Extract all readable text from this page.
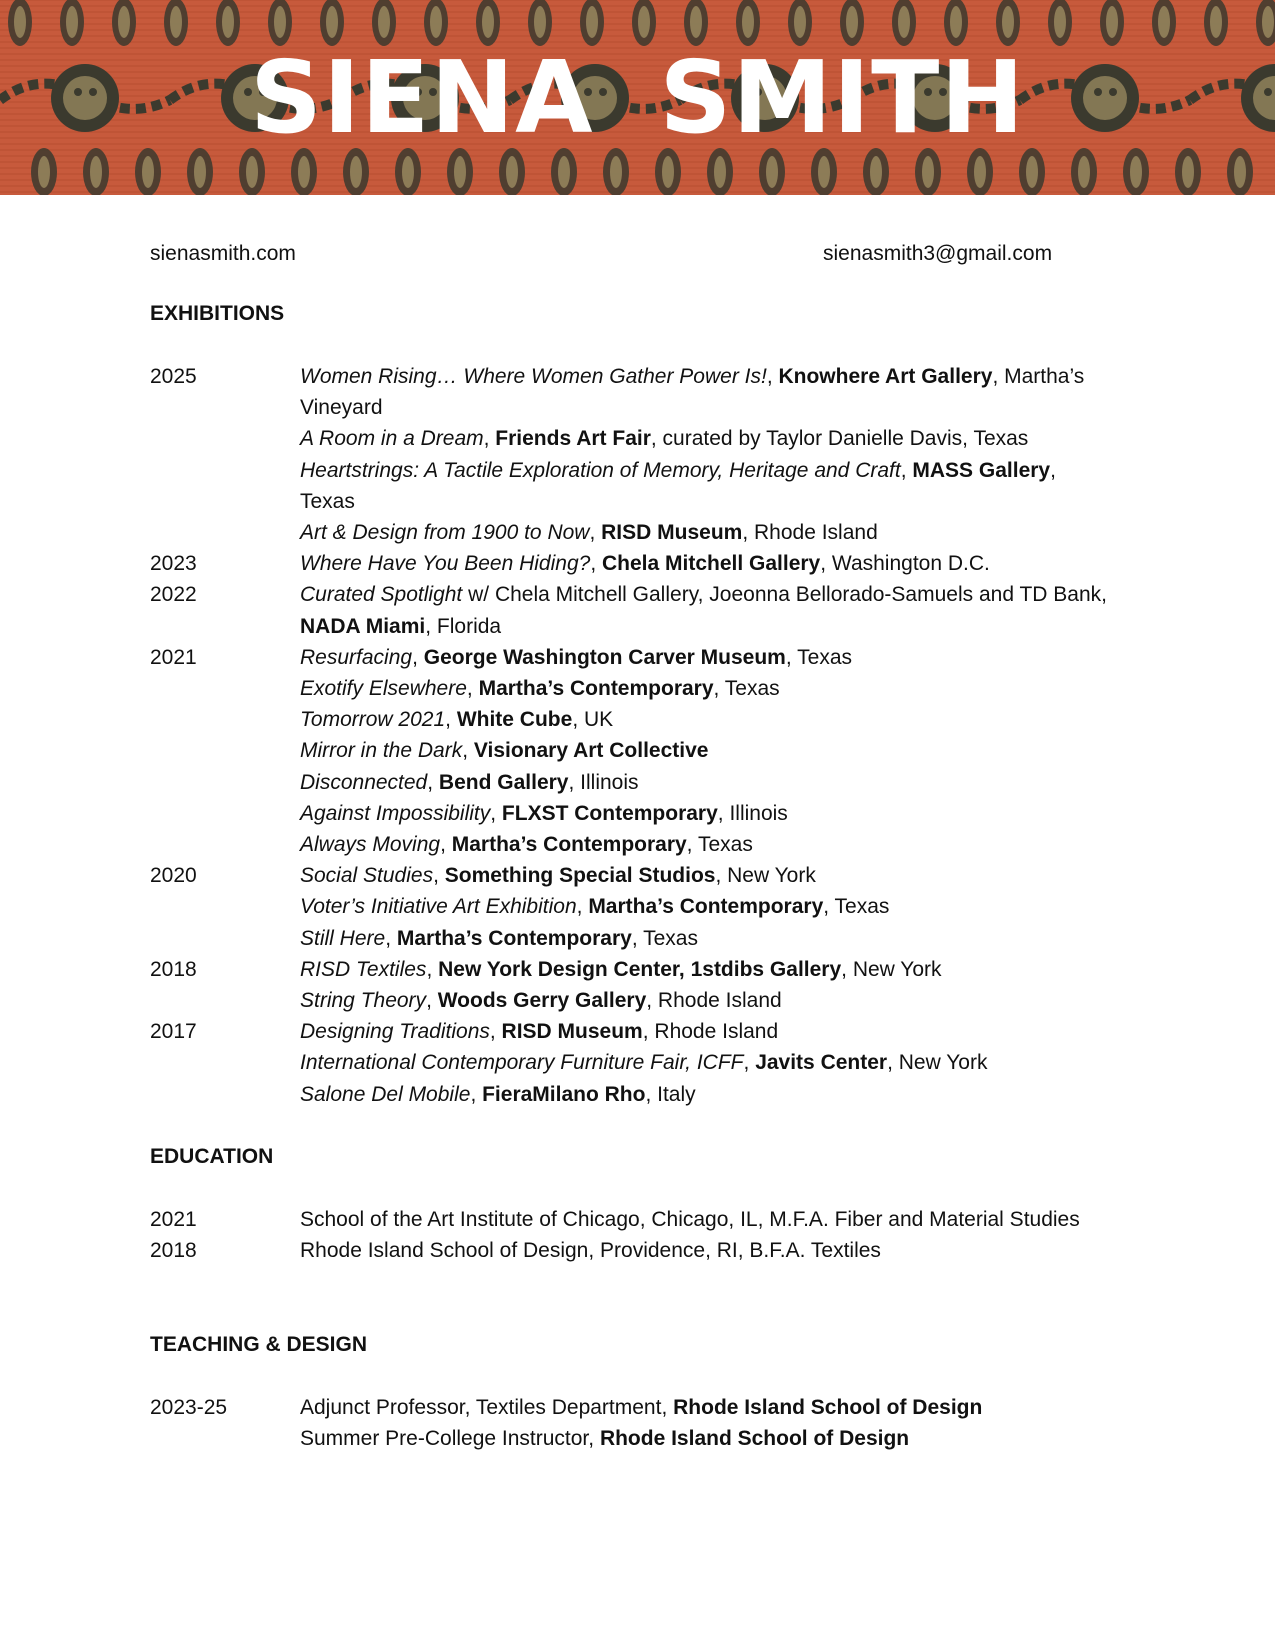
SIENA SMITH
sienasmith.com	sienasmith3@gmail.com
EXHIBITIONS
2025	Women Rising… Where Women Gather Power Is!, Knowhere Art Gallery, Martha’s Vineyard
A Room in a Dream, Friends Art Fair, curated by Taylor Danielle Davis, Texas
Heartstrings: A Tactile Exploration of Memory, Heritage and Craft, MASS Gallery, Texas
Art & Design from 1900 to Now, RISD Museum, Rhode Island
2023	Where Have You Been Hiding?, Chela Mitchell Gallery, Washington D.C.
2022	Curated Spotlight w/ Chela Mitchell Gallery, Joeonna Bellorado-Samuels and TD Bank, NADA Miami, Florida
2021	Resurfacing, George Washington Carver Museum, Texas
Exotify Elsewhere, Martha’s Contemporary, Texas
Tomorrow 2021, White Cube, UK
Mirror in the Dark, Visionary Art Collective
Disconnected, Bend Gallery, Illinois
Against Impossibility, FLXST Contemporary, Illinois
Always Moving, Martha’s Contemporary, Texas
2020	Social Studies, Something Special Studios, New York
Voter’s Initiative Art Exhibition, Martha’s Contemporary, Texas
Still Here, Martha’s Contemporary, Texas
2018	RISD Textiles, New York Design Center, 1stdibs Gallery, New York
String Theory, Woods Gerry Gallery, Rhode Island
2017	Designing Traditions, RISD Museum, Rhode Island
International Contemporary Furniture Fair, ICFF, Javits Center, New York
Salone Del Mobile, FieraMilano Rho, Italy
EDUCATION
2021	School of the Art Institute of Chicago, Chicago, IL, M.F.A. Fiber and Material Studies
2018	Rhode Island School of Design, Providence, RI, B.F.A. Textiles
TEACHING & DESIGN
2023-25	Adjunct Professor, Textiles Department, Rhode Island School of Design
Summer Pre-College Instructor, Rhode Island School of Design
